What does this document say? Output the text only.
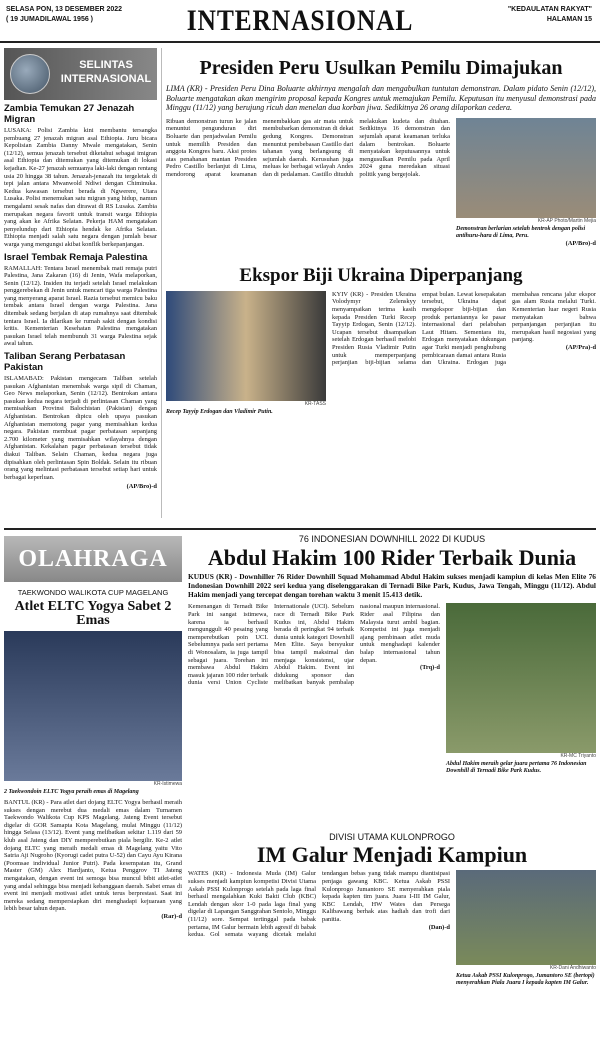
SELASA PON, 13 DESEMBER 2022
( 19 JUMADILAWAL 1956 )	INTERNASIONAL	"KEDAULATAN RAKYAT"
HALAMAN 15
SELINTAS INTERNASIONAL
Zambia Temukan 27 Jenazah Migran

LUSAKA: Polisi Zambia kini membantu tersangka pembuang 27 jenazah migran asal Ethiopia. Juru bicara Kepolisian Zambia Danny Mwale mengatakan, Senin (12/12), semua jenazah tersebut diketahui sebagai imigran asal Ethiopia dan ditemukan yang ditemukan di lokasi kejadian. Ke-27 jenazah semuanya laki-laki dengan rentang usia 20 hingga 38 tahun. Jenazah-jenazah itu tergeletak di tepi jalan antara Mwanwold Ndiwi dengan Chiminuka. Kedua kawasan tersebut berada di Ngwerere, Utara Lusaka. Polisi menemukan satu migran yang hidup, namun mengalami sesak nafas dan dirawat di RS Lusaka. Zambia merupakan negara favorit untuk transit warga Ethiopia yang akan ke Afrika Selatan. Pekerja HAM mengatakan penyelundup dari Ethiopia hendak ke Afrika Selatan. Ethiopia menjadi salah satu negara dengan jumlah besar warga yang mengungsi akibat konflik berkepanjangan.

Israel Tembak Remaja Palestina

RAMALLAH: Tentara Israel menembak mati remaja putri Palestina, Jana Zakaran (16) di Jenin, Wafa melaporkan, Senin (12/12). Insiden itu terjadi setelah Israel melakukan penggerebekan di Jenin untuk mencari tiga warga Palestina yang menyerang aparat Israel. Razia tersebut memicu baku tembak antara Israel dengan warga Palestina. Jana ditembak sedang berjalan di atap rumahnya saat ditembak tentara Israel. Ia dilarikan ke rumah sakit dengan kondisi kritis. Kementerian Kesehatan Palestina mengatakan pasukan Israel telah membunuh 31 warga Palestina sejak awal tahun.

Taliban Serang Perbatasan Pakistan

ISLAMABAD: Pakistan mengecam Taliban setelah pasukan Afghanistan menembak warga sipil di Chaman, Geo News melaporkan, Senin (12/12). Bentrokan antara pasukan kedua negara terjadi di perlintasan Chaman yang memisahkan Provinsi Balochistan (Pakistan) dengan Afghanistan. Bentrokan dipicu oleh upaya pasukan Afghanistan memotong pagar yang memisahkan kedua negara. Pakistan membuat pagar perbatasan sepanjang 2.700 kilometer yang memisahkan wilayahnya dengan Afghanistan. Kekalahan pagar perbatasan tersebut tidak diakui Taliban. Selain Chaman, kedua negara juga dipisahkan oleh perlintasan Spin Boldak. Selain itu ribuan orang yang melintasi perbatasan tersebut setiap hari untuk berbagai keperluan.

(AP/Bro)-d

Presiden Peru Usulkan Pemilu Dimajukan

LIMA (KR) - Presiden Peru Dina Boluarte akhirnya mengalah dan mengabulkan tuntutan demonstran. Dalam pidato Senin (12/12), Boluarte mengatakan akan mengirim proposal kepada Kongres untuk memajukan Pemilu. Keputusan itu menyusul demonstrasi pada Minggu (11/12) yang berujung ricuh dan menelan dua korban jiwa. Sedikitnya 26 orang dilaporkan cedera.

Ribuan demonstran turun ke jalan menuntut pengunduran diri Boluarte dan penjadwalan Pemilu untuk memilih Presiden dan anggota Kongres baru. Aksi protes atas penahanan mantan Presiden Pedro Castillo berlanjut di Lima, mendorong aparat keamanan menembakkan gas air mata untuk membubarkan demonstran di dekat gedung Kongres. Demonstran menuntut pembebasan Castillo dari tahanan yang berlangsung di sejumlah daerah. Kerusuhan juga meluas ke berbagai wilayah Andes dan di pedalaman. Castillo dituduh melakukan kudeta dan ditahan. Sedikitnya 16 demonstran dan sejumlah aparat keamanan terluka dalam bentrokan. Boluarte menyatakan keputusannya untuk mengusulkan Pemilu pada April 2024 guna meredakan situasi politik yang bergejolak.

KR-AP Photo/Martin Mejia
Demonstran berlarian setelah bentrok dengan polisi antihuru-hara di Lima, Peru.

(AP/Bro)-d

Ekspor Biji Ukraina Diperpanjang
KR-TASS
Recep Tayyip Erdogan dan Vladimir Putin.

KYIV (KR) - Presiden Ukraina Volodymyr Zelenskyy menyampaikan terima kasih kepada Presiden Turki Recep Tayyip Erdogan, Senin (12/12). Ucapan tersebut disampaikan setelah Erdogan berhasil melobi Presiden Rusia Vladimir Putin untuk memperpanjang perjanjian biji-bijian selama empat bulan. Lewat kesepakatan tersebut, Ukraina dapat mengekspor biji-bijian dan produk pertaniannya ke pasar internasional dari pelabuhan Laut Hitam. Sementara itu, Erdogan menyatakan dukungan agar Turki menjadi penghubung pembicaraan damai antara Rusia dan Ukraina. Erdogan juga membahas rencana jalur ekspor gas alam Rusia melalui Turki. Kementerian luar negeri Rusia menyatakan bahwa perpanjangan perjanjian itu merupakan hasil negosiasi yang panjang.

(AP/Pra)-d

OLAHRAGA
TAEKWONDO WALIKOTA CUP MAGELANG
Atlet ELTC Yogya Sabet 2 Emas
KR-Istimewa
2 Taekwondoin ELTC Yogya peraih emas di Magelang

BANTUL (KR) - Para atlet dari dojang ELTC Yogya berhasil meraih sukses dengan merebut dua medali emas dalam Turnamen Taekwondo Walikota Cup KPS Magelang. Jateng Event tersebut digelar di GOR Samapta Kota Magelang, mulai Minggu (11/12) hingga Selasa (13/12). Event yang melibatkan sekitar 1.119 dari 59 klub asal Jateng dan DIY memperebutkan piala bergilir. Ke-2 atlet dojang ELTC yang meraih medali emas di Magelang yaitu Vito Satria Aji Nugroho (Kyorugi cadet putra U-52) dan Cayu Ayu Kirana (Poomsae individual Junior Putri). Pada kesempatan itu, Grand Master (GM) Alex Hardjanto, Ketua Penggrov TI Jateng mengatakan, dengan event ini semoga bisa muncul bibit atlet-atlet yang andal sehingga bisa menjadi kebanggaan daerah. Sabet emas di event ini menjadi motivasi atlet untuk terus berprestasi. Saat ini mereka sedang mempersiapkan diri menghadapi kejuaraan yang lebih besar tahun depan.

(Rar)-d

76 INDONESIAN DOWNHILL 2022 DI KUDUS
Abdul Hakim 100 Rider Terbaik Dunia

KUDUS (KR) - Downhiller 76 Rider Downhill Squad Mohammad Abdul Hakim sukses menjadi kampiun di kelas Men Elite 76 Indonesian Downhill 2022 seri kedua yang diselenggarakan di Ternadi Bike Park, Kudus, Jawa Tengah, Minggu (11/12). Abdul Hakim menjadi yang tercepat dengan torehan waktu 3 menit 15.413 detik.

Kemenangan di Ternadi Bike Park ini sangat istimewa, karena ia berhasil mengungguli 40 pesaing yang memperebutkan poin UCI. Sebelumnya pada seri pertama di Wonosalam, ia juga tampil sebagai juara. Torehan ini membawa Abdul Hakim masuk jajaran 100 rider terbaik dunia versi Union Cycliste Internationale (UCI). Sebelum race di Ternadi Bike Park Kudus ini, Abdul Hakim berada di peringkat 94 terbaik dunia untuk kategori Downhill Men Elite. Saya bersyukur bisa tampil maksimal dan menjaga konsistensi, ujar Abdul Hakim. Event ini didukung sponsor dan melibatkan banyak pembalap nasional maupun internasional. Rider asal Filipina dan Malaysia turut ambil bagian. Kompetisi ini juga menjadi ajang pembinaan atlet muda untuk menghadapi kalender balap internasional tahun depan.

(Trq)-d

KR-MC Triyanto
Abdul Hakim meraih gelar juara pertama 76 Indonesian Downhill di Ternadi Bike Park Kudus.
DIVISI UTAMA KULONPROGO
IM Galur Menjadi Kampiun

WATES (KR) - Indonesia Muda (IM) Galur sukses menjadi kampiun kompetisi Divisi Utama Askab PSSI Kulonprogo setelah pada laga final berhasil mengalahkan Kuki Bakti Club (KBC) Lendah dengan skor 1-0 pada laga final yang digelar di Lapangan Sanggrahan Sentolo, Minggu (11/12) sore. Sempat tertinggal pada babak pertama, IM Galur bermain lebih agresif di babak kedua. Gol semata wayang dicetak melalui tendangan bebas yang tidak mampu diantisipasi penjaga gawang KBC. Ketua Askab PSSI Kulonprogo Jumantoro SE menyerahkan piala kepada kapten tim juara. Juara I-III IM Galur, KBC Lendah, HW Wates dan Persega Kalibawang berhak atas hadiah dan trofi dari panitia.

(Dan)-d

KR-Dani Andhiwanto
Ketua Askab PSSI Kulonprogo, Jumantoro SE (bertopi) menyerahkan Piala Juara I kepada kapten IM Galur.
